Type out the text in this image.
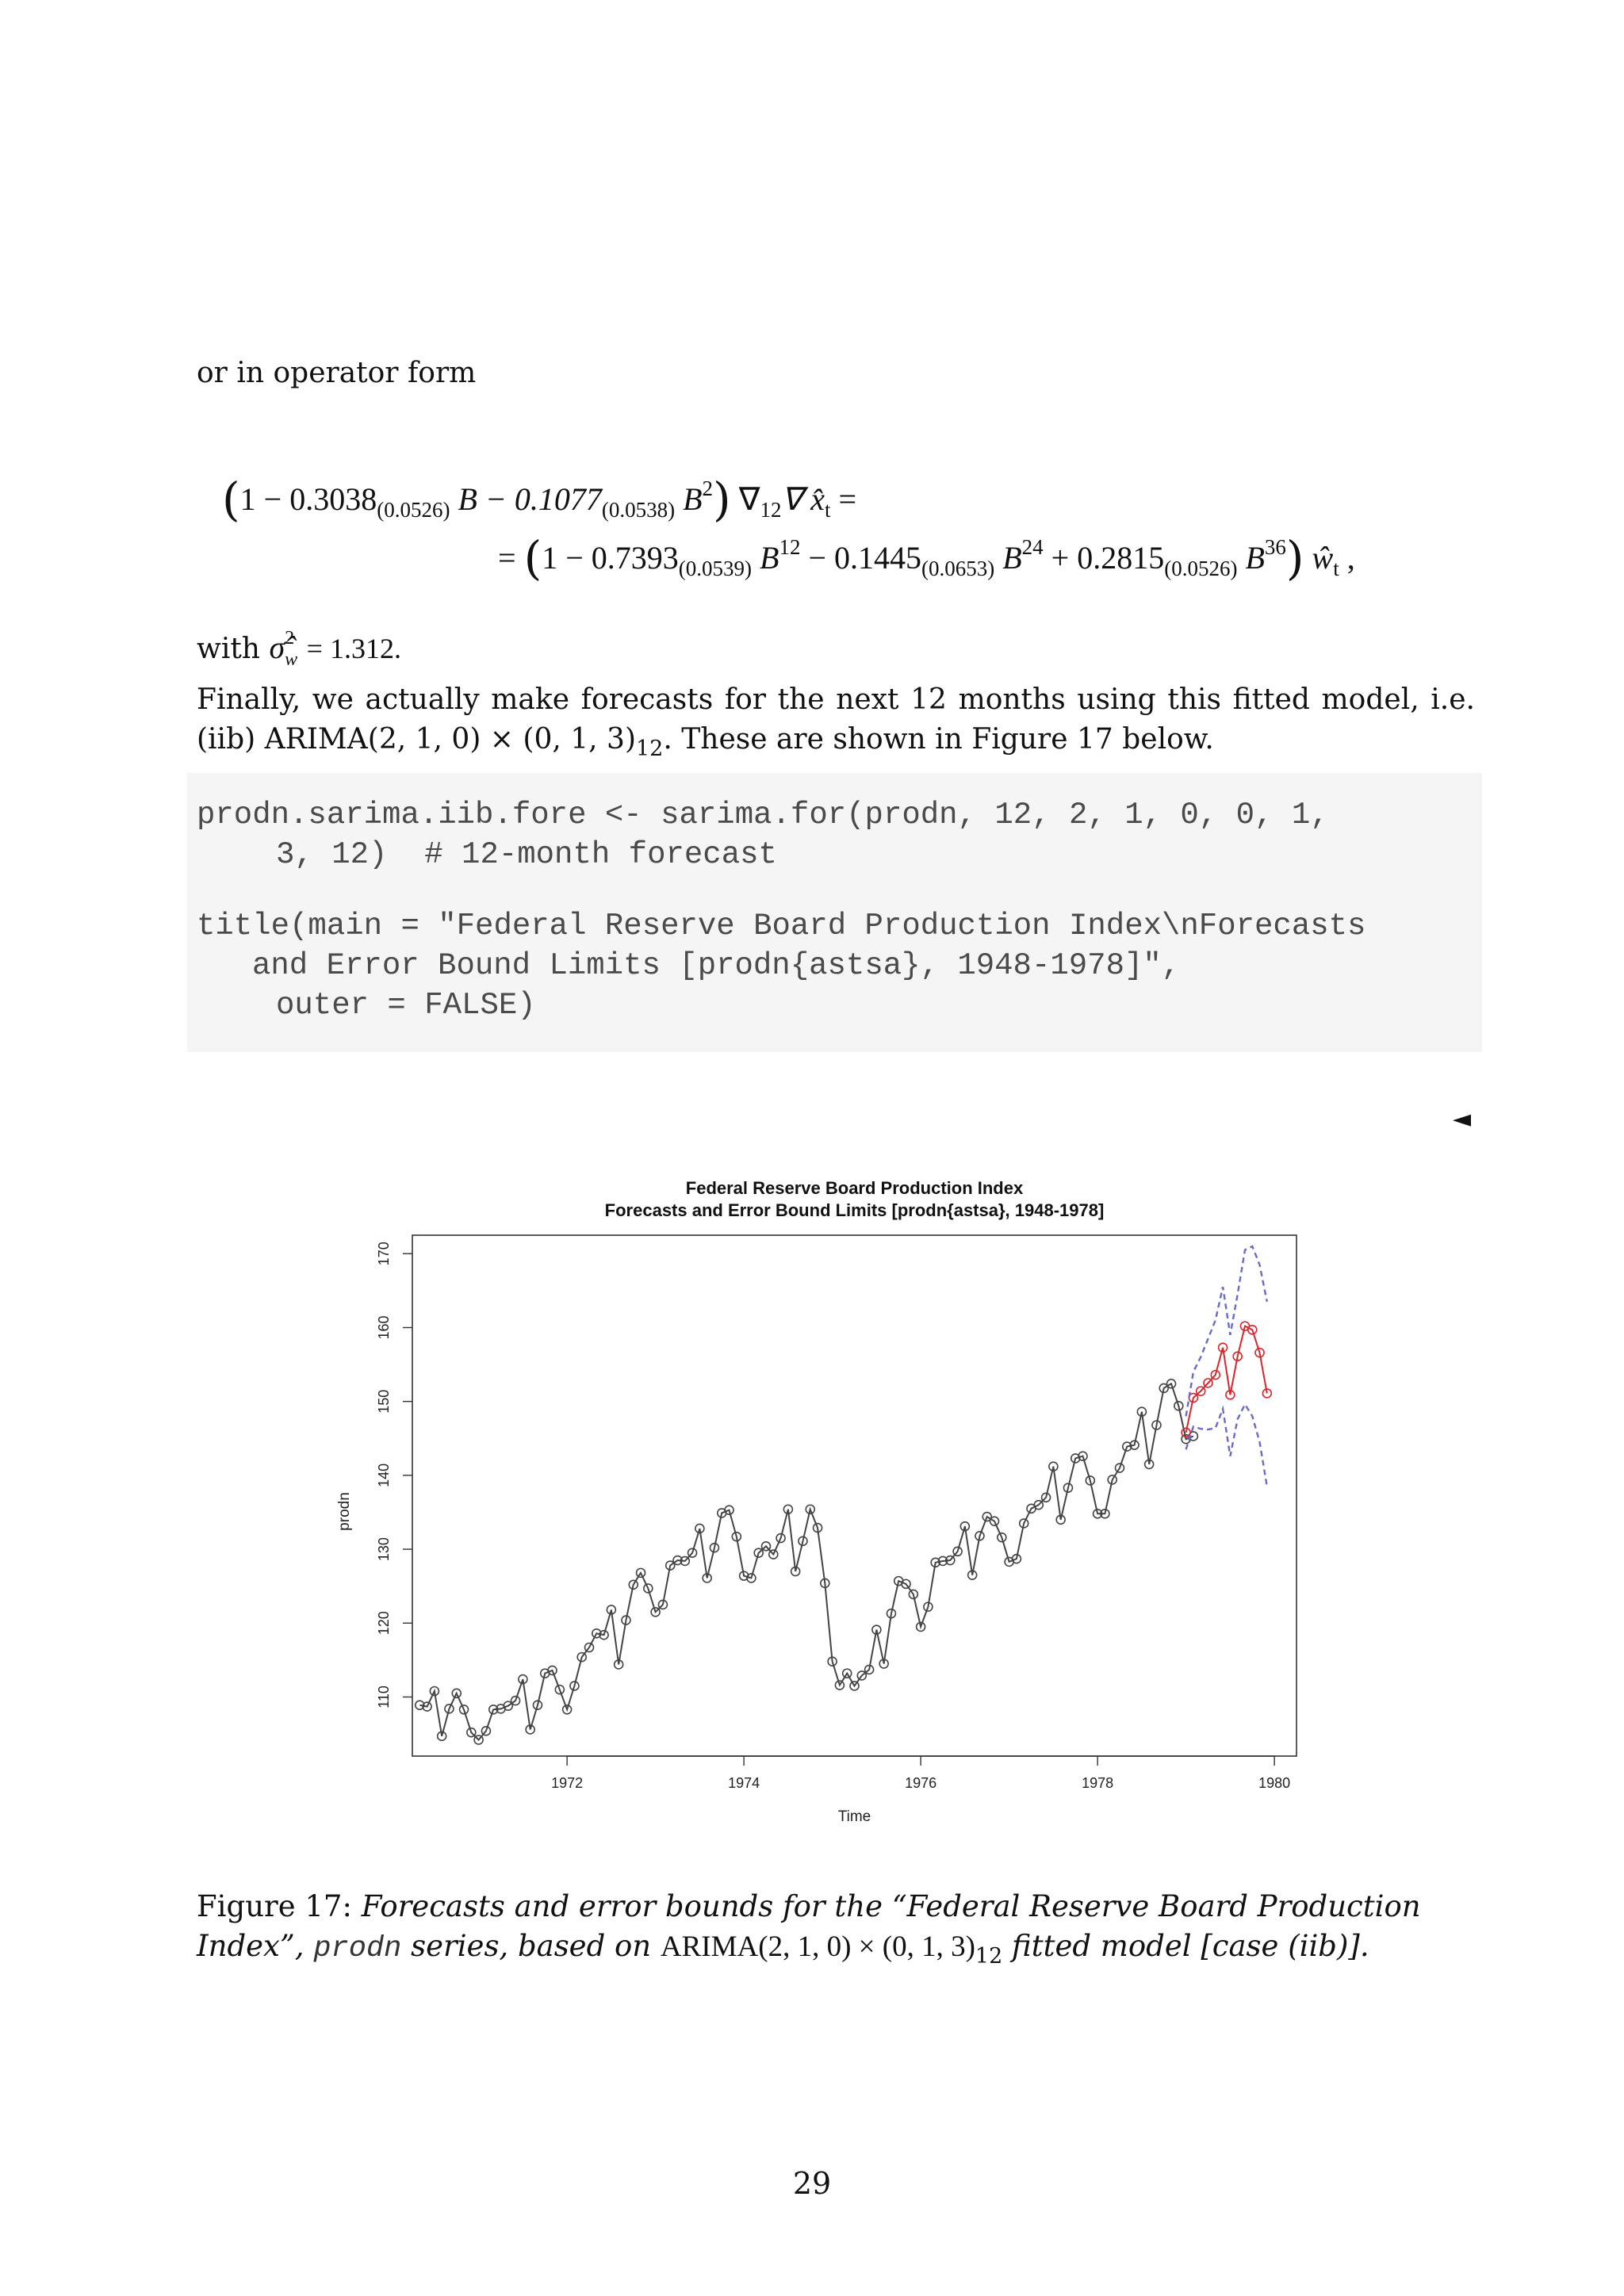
or in operator form

($1 - 0.3038_{(0.0526)}$ $B - 0.1077_{(0.0538)}$ $B^2$) $\nabla_{12}\nabla$ $x̂_t$ =
= ($1 - 0.7393_{(0.0539)}$ $B^{12} - 0.1445_{(0.0653)}$ $B^{24} + 0.2815_{(0.0526)}$ $B^{36}$) $ŵ_t$ ,

with σ̂$^2_w$ = 1.312.

Finally, we actually make forecasts for the next 12 months using this fitted model, i.e. (iib) ARIMA(2, 1, 0) × (0, 1, $3)_{12}$. These are shown in Figure 17 below.

prodn.sarima.iib.fore <- sarima.for(prodn, 12, 2, 1, 0, 0, 1,
3, 12)  # 12-month forecast
title(main = "Federal Reserve Board Production Index\nForecasts
and Error Bound Limits [prodn{astsa}, 1948-1978]",
outer = FALSE)
◄
Federal Reserve Board Production Index
Forecasts and Error Bound Limits [prodn{astsa}, 1948-1978]
1972	1974	1976	1978	1980
110
120
130
140
150
160
170
Time
prodn
Figure 17: Forecasts and error bounds for the “Federal Reserve Board Production Index”, prodn series, based on ARIMA(2, 1, 0) × (0, 1, $3)_{12}$ fitted model [case (iib)].
29
